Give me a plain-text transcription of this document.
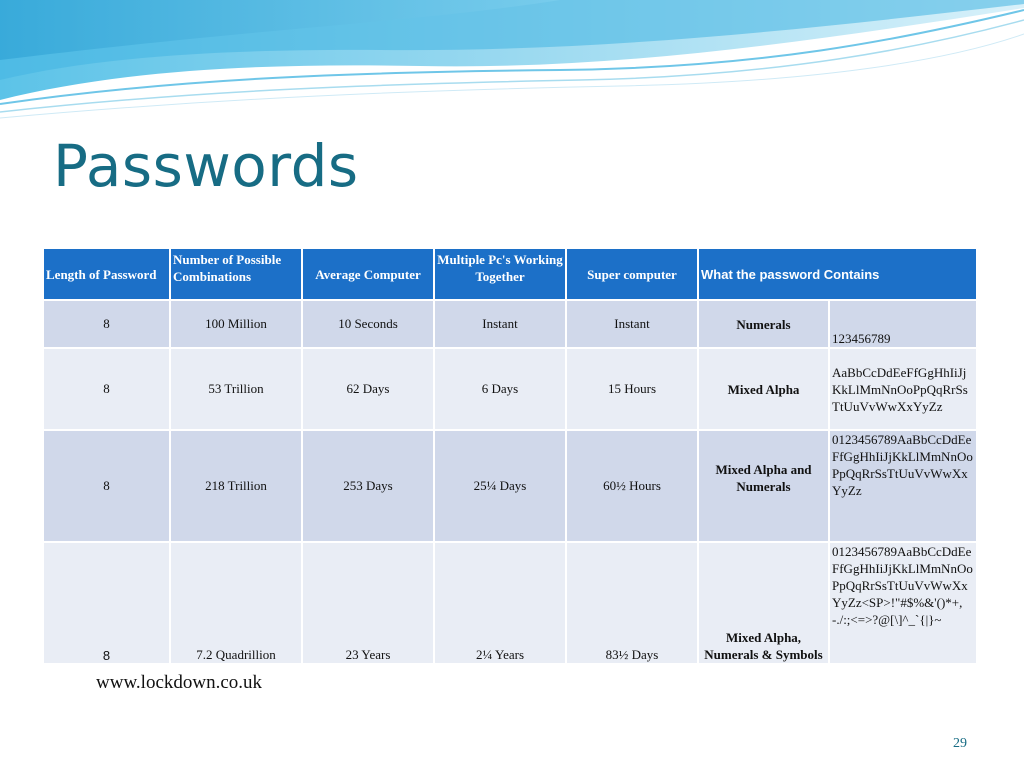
Passwords
Length of Password	Number of Possible Combinations	Average Computer	Multiple Pc's Working Together	Super computer	What the password Contains	
8	100 Million	10 Seconds	Instant	Instant	Numerals	123456789
8	53 Trillion	62 Days	6 Days	15 Hours	Mixed Alpha	AaBbCcDdEeFfGgHhIiJjKkLlMmNnOoPpQqRrSsTtUuVvWwXxYyZz
8	218 Trillion	253 Days	25¼ Days	60½ Hours	Mixed Alpha and Numerals	0123456789AaBbCcDdEeFfGgHhIiJjKkLlMmNnOoPpQqRrSsTtUuVvWwXxYyZz
8	7.2 Quadrillion	23 Years	2¼ Years	83½ Days	Mixed Alpha, Numerals & Symbols	0123456789AaBbCcDdEeFfGgHhIiJjKkLlMmNnOoPpQqRrSsTtUuVvWwXxYyZz<SP>!"#$%&'()*+,-./:;<=>?@[\]^_`{|}~
www.lockdown.co.uk
29
